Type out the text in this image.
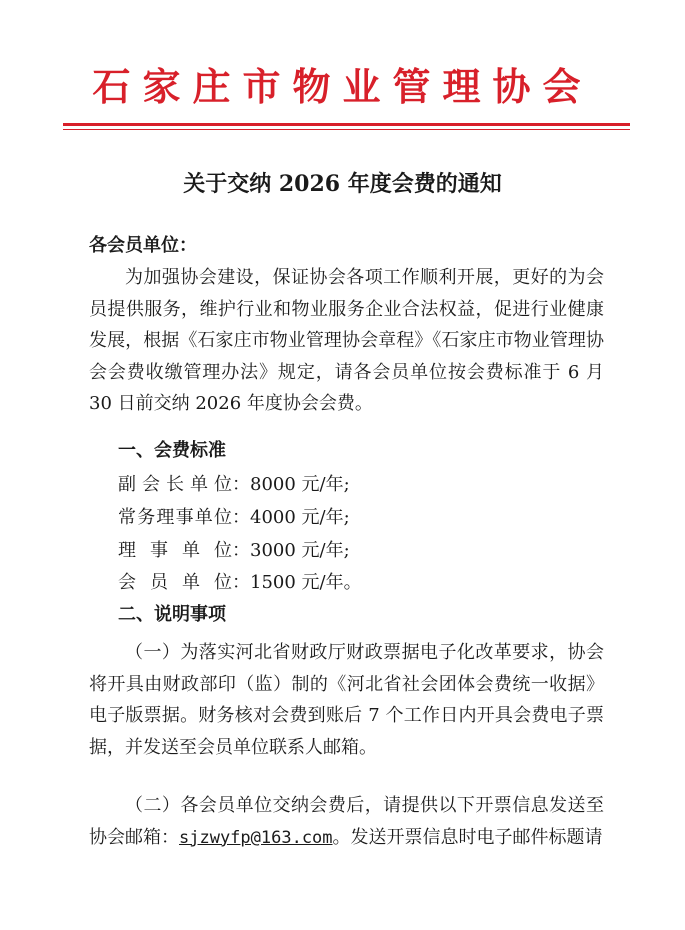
石家庄市物业管理协会
关于交纳 2026 年度会费的通知
各会员单位：

为加强协会建设，保证协会各项工作顺利开展，更好的为会员提供服务，维护行业和物业服务企业合法权益，促进行业健康发展，根据《石家庄市物业管理协会章程》《石家庄市物业管理协会会费收缴管理办法》规定，请各会员单位按会费标准于 6 月 30 日前交纳 2026 年度协会会费。

一、会费标准
副会长单位：8000 元/年;
常务理事单位：4000 元/年;
理事单位：3000 元/年;
会员单位：1500 元/年。
二、说明事项

（一）为落实河北省财政厅财政票据电子化改革要求，协会将开具由财政部印（监）制的《河北省社会团体会费统一收据》电子版票据。财务核对会费到账后 7 个工作日内开具会费电子票据，并发送至会员单位联系人邮箱。

（二）各会员单位交纳会费后，请提供以下开票信息发送至协会邮箱：sjzwyfp@163.com。发送开票信息时电子邮件标题请
